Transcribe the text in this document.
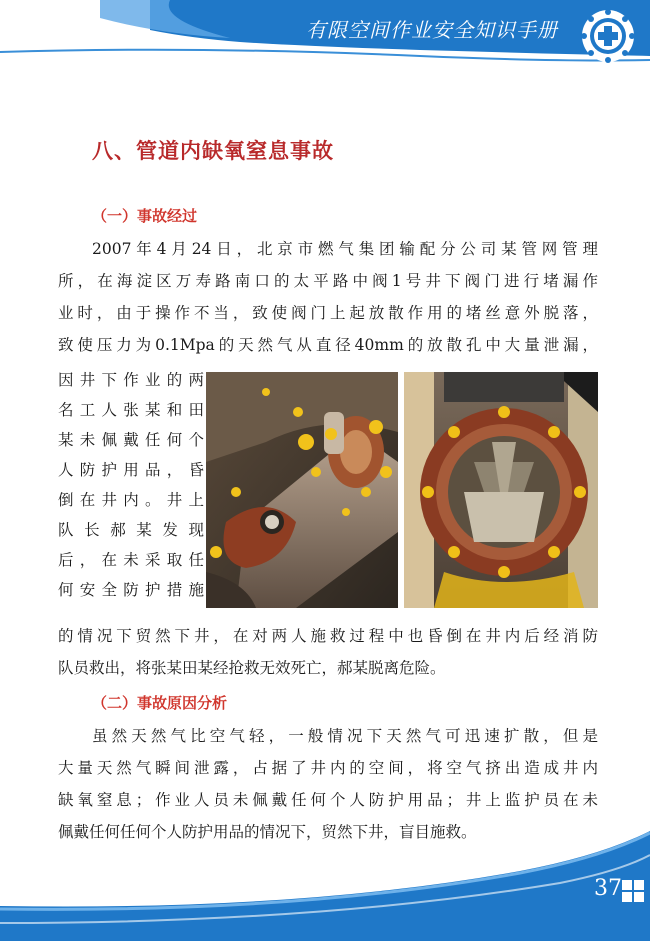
有限空间作业安全知识手册
八、管道内缺氧窒息事故
（一）事故经过
2007年4月24日，北京市燃气集团输配分公司某管网管理
所，在海淀区万寿路南口的太平路中阀1号井下阀门进行堵漏作
业时，由于操作不当，致使阀门上起放散作用的堵丝意外脱落，
致使压力为0.1Mpa的天然气从直径40mm的放散孔中大量泄漏，
因井下作业的两
名工人张某和田
某未佩戴任何个
人防护用品，昏
倒在井内。井上
队长郝某发现
后，在未采取任
何安全防护措施
的情况下贸然下井，在对两人施救过程中也昏倒在井内后经消防
队员救出，将张某田某经抢救无效死亡，郝某脱离危险。
（二）事故原因分析
虽然天然气比空气轻，一般情况下天然气可迅速扩散，但是
大量天然气瞬间泄露，占据了井内的空间，将空气挤出造成井内
缺氧窒息；作业人员未佩戴任何个人防护用品；井上监护员在未
佩戴任何任何个人防护用品的情况下，贸然下井，盲目施救。
37
